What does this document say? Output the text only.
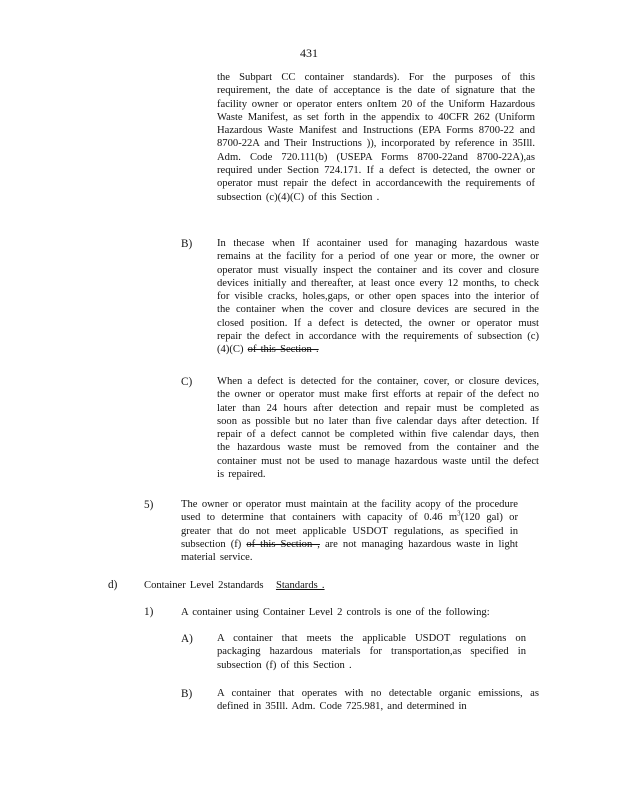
431
the Subpart CC container standards). For the purposes of this requirement, the date of acceptance is the date of signature that the facility owner or operator enters onItem 20 of the Uniform Hazardous Waste Manifest, as set forth in the appendix to 40CFR 262 (Uniform Hazardous Waste Manifest and Instructions (EPA Forms 8700-22 and 8700-22A and Their Instructions )), incorporated by reference in 35Ill. Adm. Code 720.111(b) (USEPA Forms 8700-22and 8700-22A),as required under Section 724.171. If a defect is detected, the owner or operator must repair the defect in accordancewith the requirements of subsection (c)(4)(C) of this Section .
B) In thecase when If acontainer used for managing hazardous waste remains at the facility for a period of one year or more, the owner or operator must visually inspect the container and its cover and closure devices initially and thereafter, at least once every 12 months, to check for visible cracks, holes,gaps, or other open spaces into the interior of the container when the cover and closure devices are secured in the closed position. If a defect is detected, the owner or operator must repair the defect in accordance with the requirements of subsection (c)(4)(C) of this Section .
C) When a defect is detected for the container, cover, or closure devices, the owner or operator must make first efforts at repair of the defect no later than 24 hours after detection and repair must be completed as soon as possible but no later than five calendar days after detection. If repair of a defect cannot be completed within five calendar days, then the hazardous waste must be removed from the container and the container must not be used to manage hazardous waste until the defect is repaired.
5)	The owner or operator must maintain at the facility acopy of the procedure used to determine that containers with capacity of 0.46 $m^3(120$ gal) or greater that do not meet applicable USDOT regulations, as specified in subsection (f) of this Section , are not managing hazardous waste in light material service.
d)	Container Level 2standards Standards .
1)	A container using Container Level 2 controls is one of the following:
A) A container that meets the applicable USDOT regulations on packaging hazardous materials for transportation,as specified in subsection (f) of this Section .
B) A container that operates with no detectable organic emissions, as defined in 35Ill. Adm. Code 725.981, and determined in
